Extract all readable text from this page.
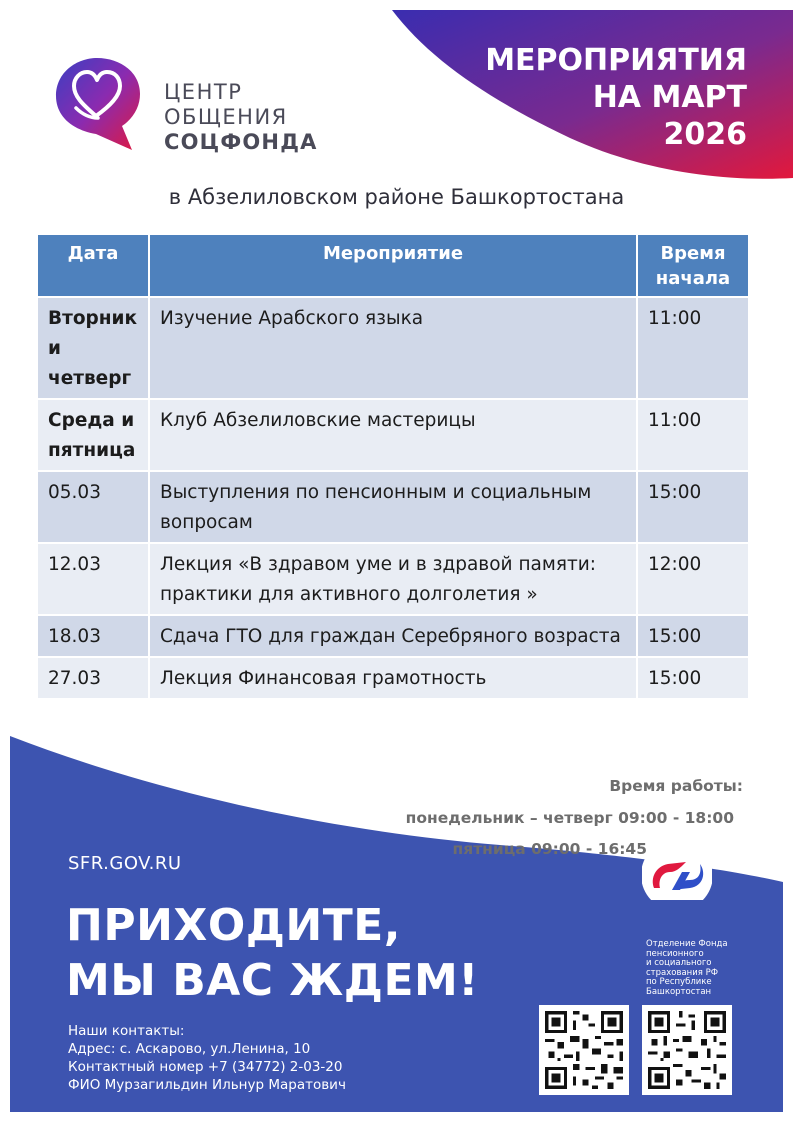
ЦЕНТР
ОБЩЕНИЯ
СОЦФОНДА
МЕРОПРИЯТИЯ
НА МАРТ
2026
в Абзелиловском районе Башкортостана
Дата	Мероприятие	Время
начала

Вторник
и
четверг	Изучение Арабского языка	11:00

Среда и
пятница	Клуб Абзелиловские мастерицы	11:00
05.03	Выступления по пенсионным и социальным вопросам	15:00
12.03	Лекция «В здравом уме и в здравой памяти: практики для активного долголетия »	12:00
18.03	Сдача ГТО для граждан Серебряного возраста	15:00
27.03	Лекция Финансовая грамотность	15:00
Время работы:
понедельник – четверг 09:00 - 18:00
пятница 09:00 - 16:45
SFR.GOV.RU
ПРИХОДИТЕ,
МЫ ВАС ЖДЕМ!
Наши контакты:
Адрес: с. Аскарово, ул.Ленина, 10
Контактный номер +7 (34772) 2-03-20
ФИО Мурзагильдин Ильнур Маратович
Отделение Фонда
пенсионного
и социального
страхования РФ
по Республике
Башкортостан
